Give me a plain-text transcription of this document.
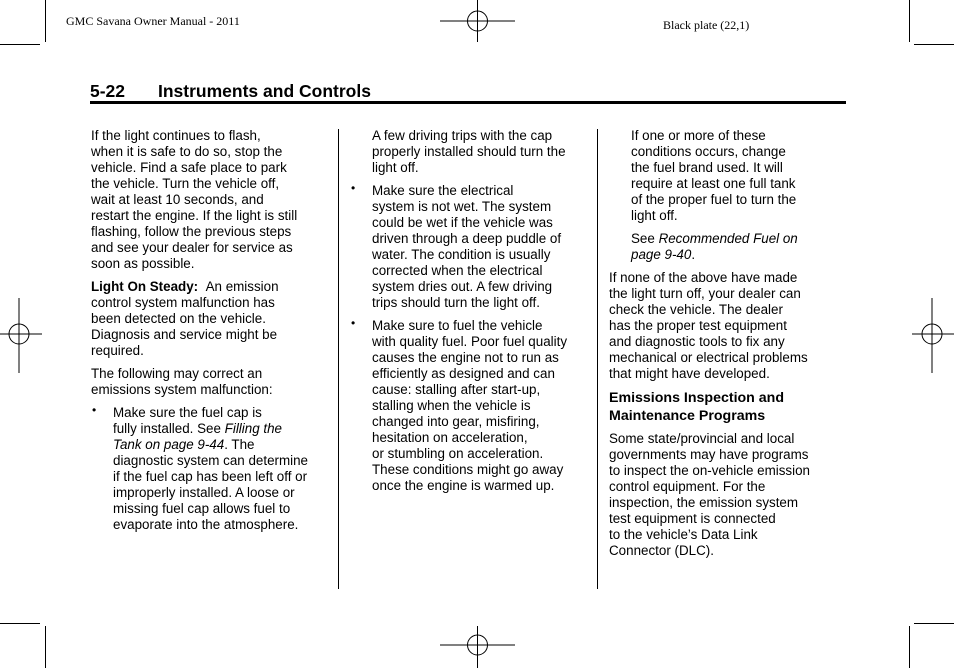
GMC Savana Owner Manual - 2011	Black plate (22,1)
5-22 Instruments and Controls

If the light continues to flash,
when it is safe to do so, stop the
vehicle. Find a safe place to park
the vehicle. Turn the vehicle off,
wait at least 10 seconds, and
restart the engine. If the light is still
flashing, follow the previous steps
and see your dealer for service as
soon as possible.

Light On Steady: An emission
control system malfunction has
been detected on the vehicle.
Diagnosis and service might be
required.

The following may correct an
emissions system malfunction:

• Make sure the fuel cap is
fully installed. See Filling the
Tank on page 9-44. The
diagnostic system can determine
if the fuel cap has been left off or
improperly installed. A loose or
missing fuel cap allows fuel to
evaporate into the atmosphere.

A few driving trips with the cap
properly installed should turn the
light off.

• Make sure the electrical
system is not wet. The system
could be wet if the vehicle was
driven through a deep puddle of
water. The condition is usually
corrected when the electrical
system dries out. A few driving
trips should turn the light off.
• Make sure to fuel the vehicle
with quality fuel. Poor fuel quality
causes the engine not to run as
efficiently as designed and can
cause: stalling after start-up,
stalling when the vehicle is
changed into gear, misfiring,
hesitation on acceleration,
or stumbling on acceleration.
These conditions might go away
once the engine is warmed up.

If one or more of these
conditions occurs, change
the fuel brand used. It will
require at least one full tank
of the proper fuel to turn the
light off.

See Recommended Fuel on
page 9-40.

If none of the above have made
the light turn off, your dealer can
check the vehicle. The dealer
has the proper test equipment
and diagnostic tools to fix any
mechanical or electrical problems
that might have developed.

Emissions Inspection and
Maintenance Programs

Some state/provincial and local
governments may have programs
to inspect the on-vehicle emission
control equipment. For the
inspection, the emission system
test equipment is connected
to the vehicle’s Data Link
Connector (DLC).
